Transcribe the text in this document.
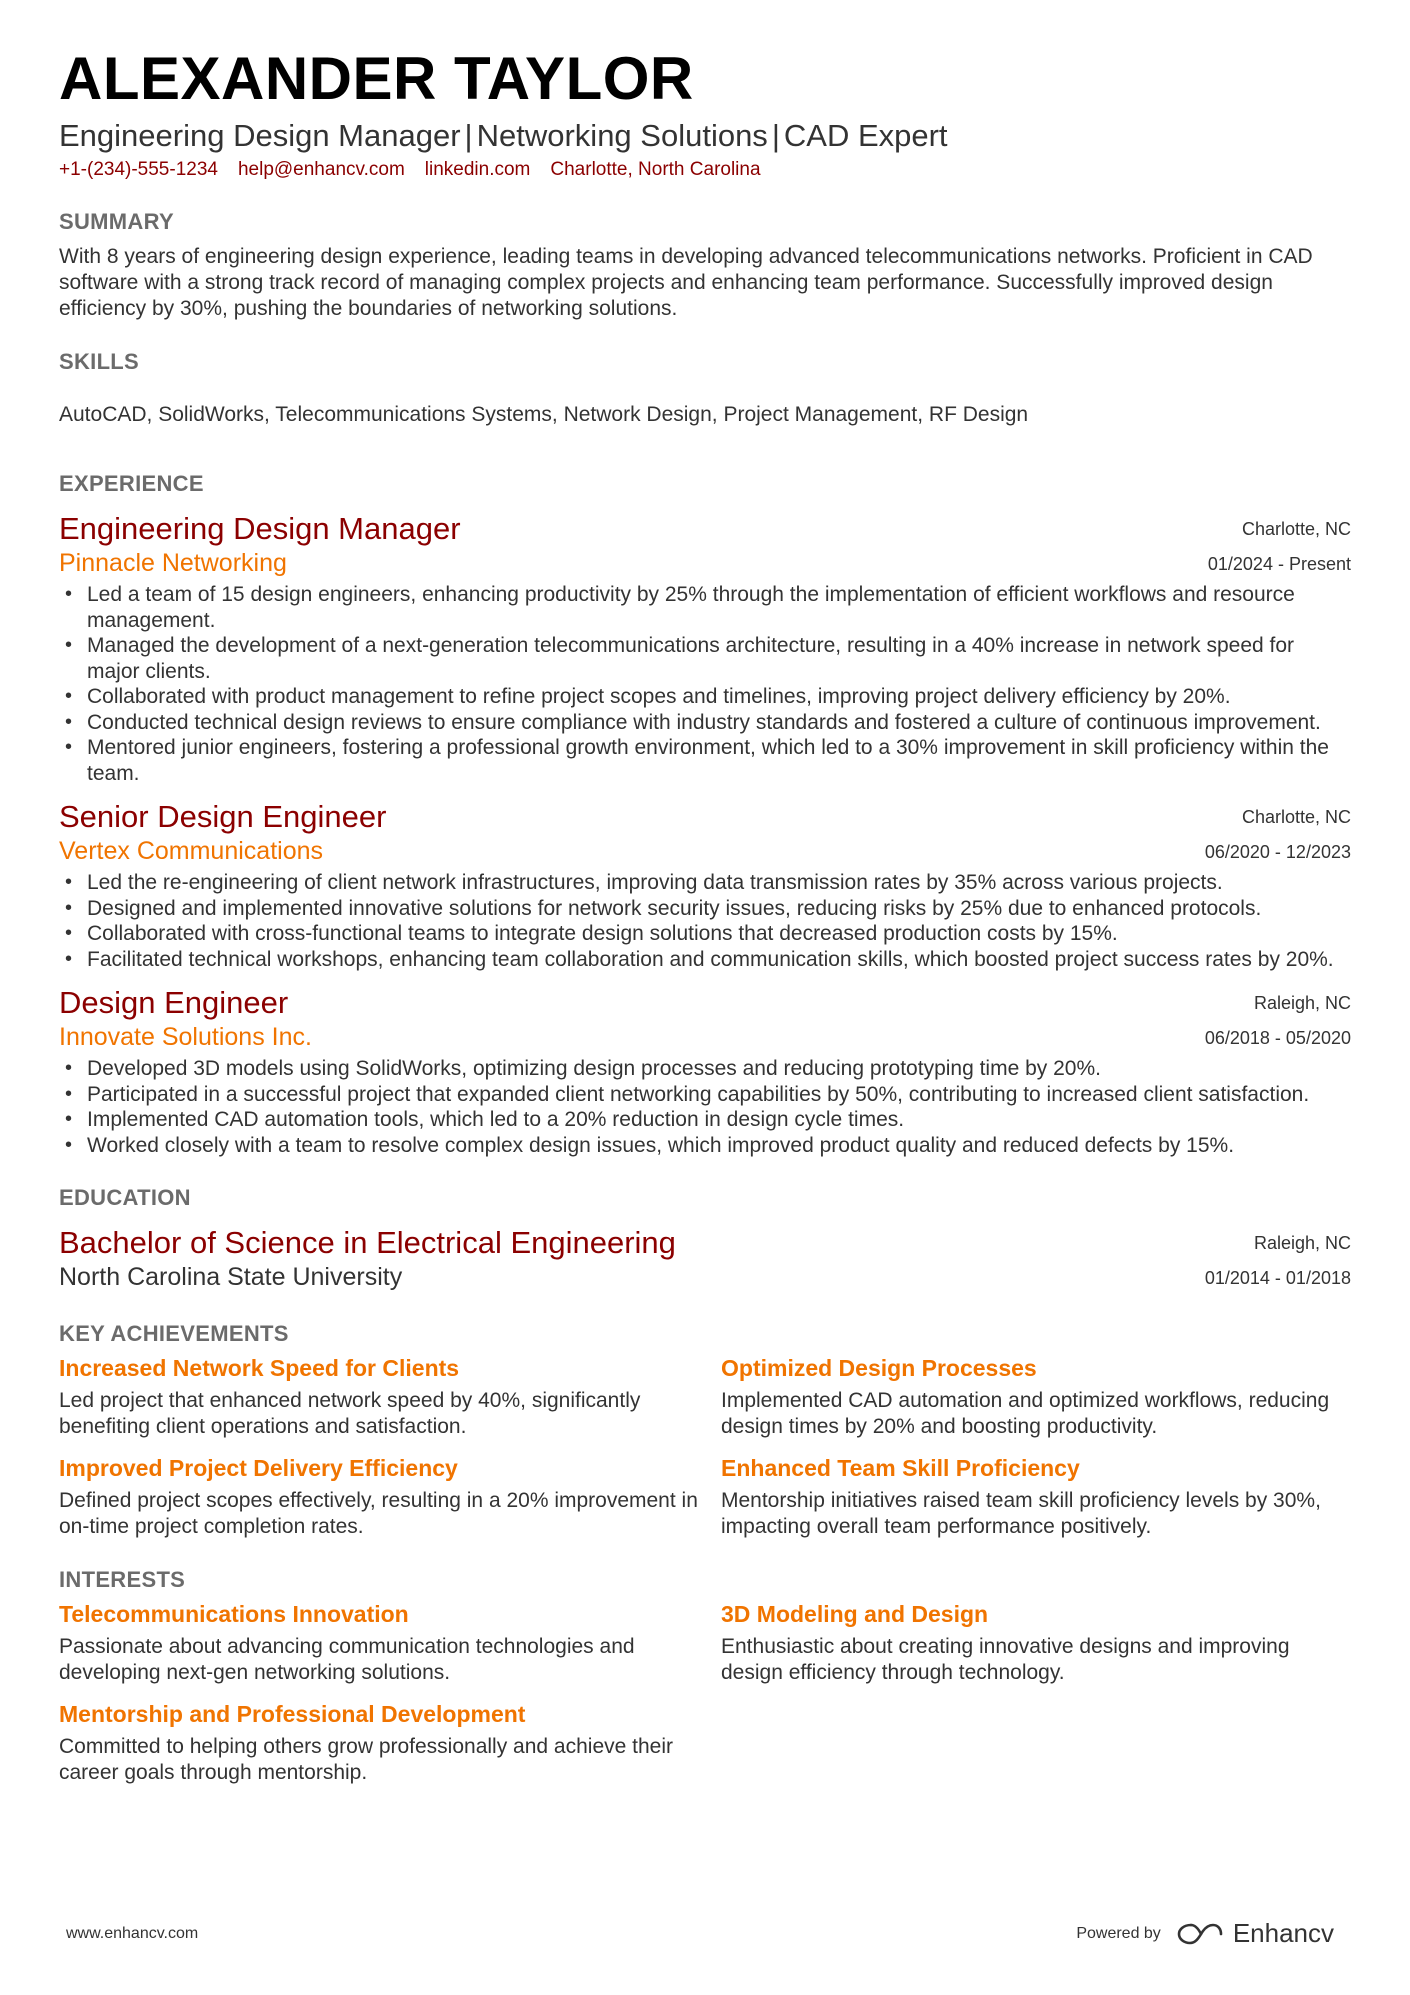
ALEXANDER TAYLOR
Engineering Design Manager | Networking Solutions | CAD Expert
+1-(234)-555-1234 help@enhancv.com linkedin.com Charlotte, North Carolina
SUMMARY

With 8 years of engineering design experience, leading teams in developing advanced telecommunications networks. Proficient in CAD software with a strong track record of managing complex projects and enhancing team performance. Successfully improved design efficiency by 30%, pushing the boundaries of networking solutions.

SKILLS

AutoCAD, SolidWorks, Telecommunications Systems, Network Design, Project Management, RF Design

EXPERIENCE
Engineering Design Manager
Pinnacle Networking
Charlotte, NC
01/2024 - Present
• Led a team of 15 design engineers, enhancing productivity by 25% through the implementation of efficient workflows and resource management.
• Managed the development of a next-generation telecommunications architecture, resulting in a 40% increase in network speed for major clients.
• Collaborated with product management to refine project scopes and timelines, improving project delivery efficiency by 20%.
• Conducted technical design reviews to ensure compliance with industry standards and fostered a culture of continuous improvement.
• Mentored junior engineers, fostering a professional growth environment, which led to a 30% improvement in skill proficiency within the team.
Senior Design Engineer
Vertex Communications
Charlotte, NC
06/2020 - 12/2023
• Led the re-engineering of client network infrastructures, improving data transmission rates by 35% across various projects.
• Designed and implemented innovative solutions for network security issues, reducing risks by 25% due to enhanced protocols.
• Collaborated with cross-functional teams to integrate design solutions that decreased production costs by 15%.
• Facilitated technical workshops, enhancing team collaboration and communication skills, which boosted project success rates by 20%.
Design Engineer
Innovate Solutions Inc.
Raleigh, NC
06/2018 - 05/2020
• Developed 3D models using SolidWorks, optimizing design processes and reducing prototyping time by 20%.
• Participated in a successful project that expanded client networking capabilities by 50%, contributing to increased client satisfaction.
• Implemented CAD automation tools, which led to a 20% reduction in design cycle times.
• Worked closely with a team to resolve complex design issues, which improved product quality and reduced defects by 15%.
EDUCATION
Bachelor of Science in Electrical Engineering
North Carolina State University
Raleigh, NC
01/2014 - 01/2018
KEY ACHIEVEMENTS
Increased Network Speed for Clients
Led project that enhanced network speed by 40%, significantly benefiting client operations and satisfaction.
Optimized Design Processes
Implemented CAD automation and optimized workflows, reducing design times by 20% and boosting productivity.
Improved Project Delivery Efficiency
Defined project scopes effectively, resulting in a 20% improvement in on-time project completion rates.
Enhanced Team Skill Proficiency
Mentorship initiatives raised team skill proficiency levels by 30%, impacting overall team performance positively.
INTERESTS
Telecommunications Innovation
Passionate about advancing communication technologies and developing next-gen networking solutions.
3D Modeling and Design
Enthusiastic about creating innovative designs and improving design efficiency through technology.
Mentorship and Professional Development
Committed to helping others grow professionally and achieve their career goals through mentorship.
www.enhancv.com	Powered by	Enhancv
